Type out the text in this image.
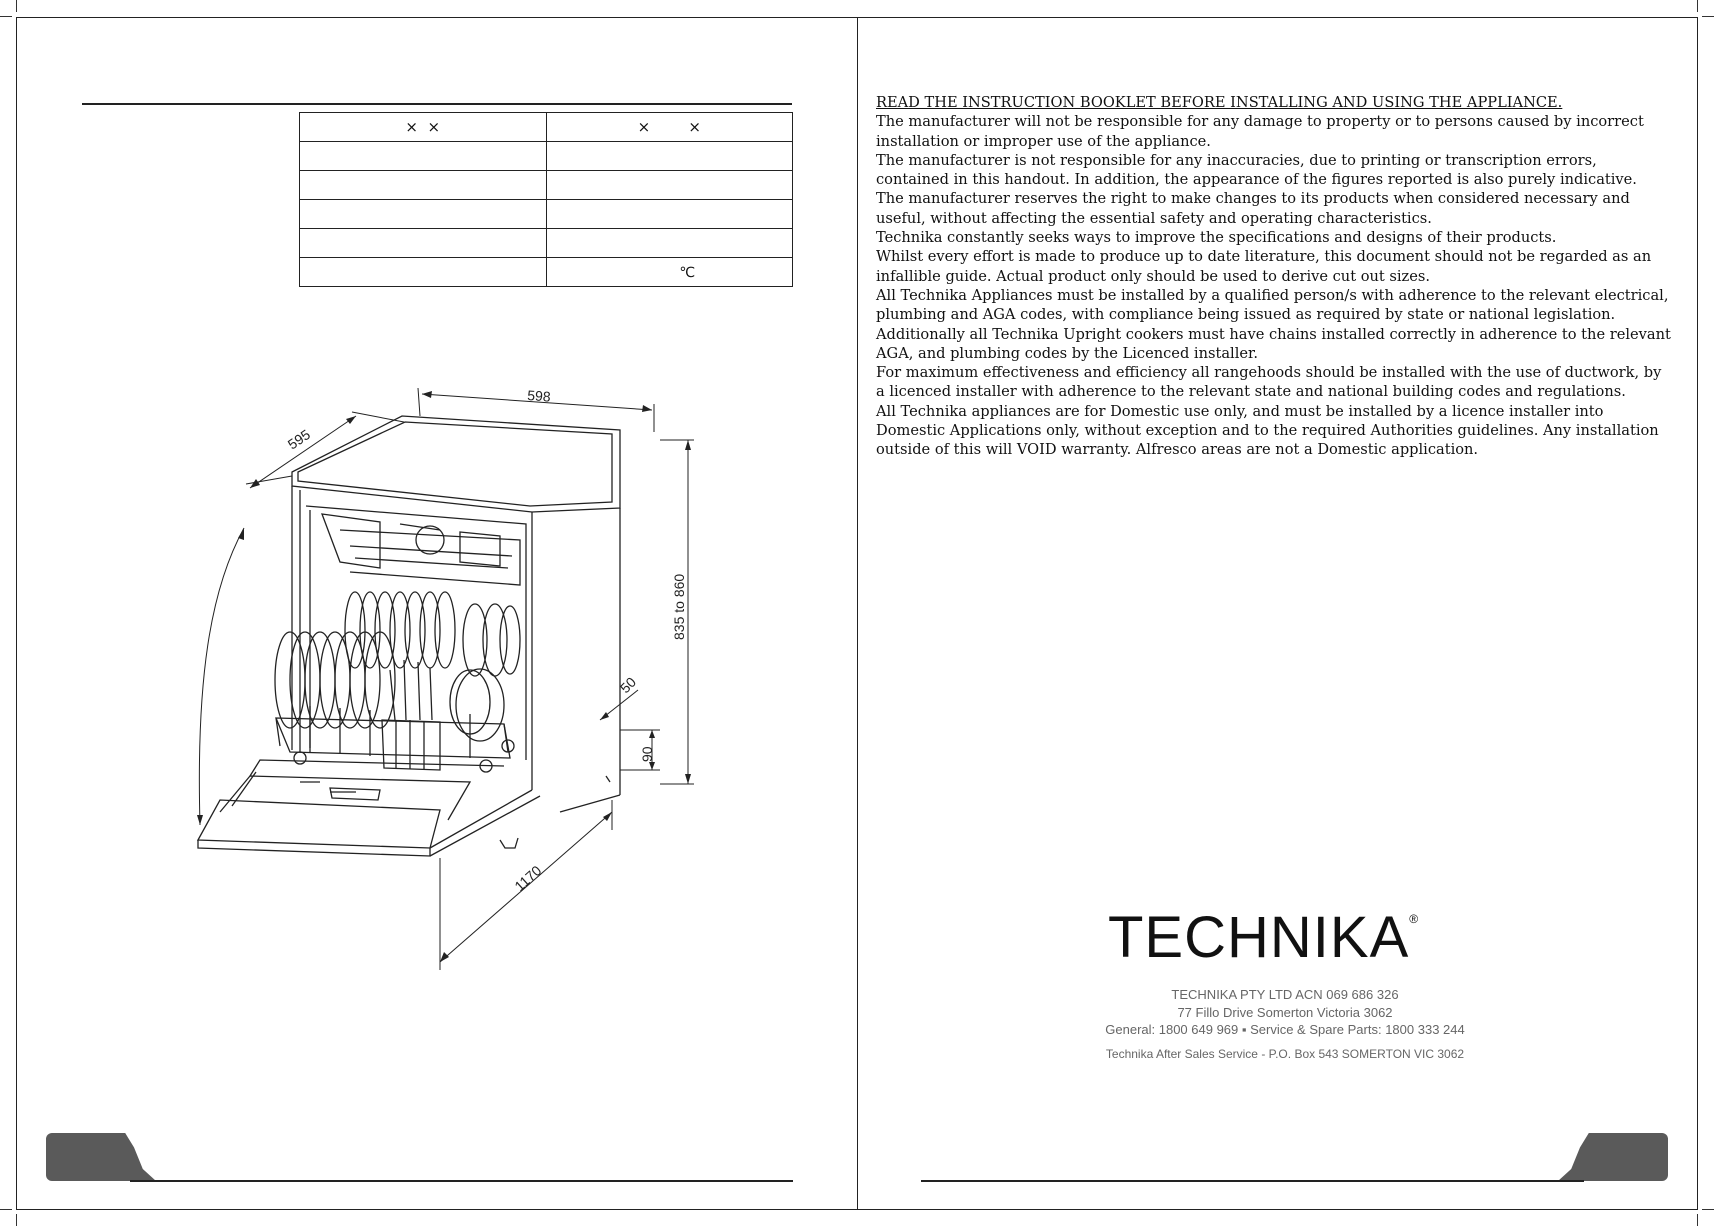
×  ×	×        ×

	℃
598
595
835 to 860
50
90
1170

READ THE INSTRUCTION BOOKLET BEFORE INSTALLING AND USING THE APPLIANCE.

The manufacturer will not be responsible for any damage to property or to persons caused by incorrect installation or improper use of the appliance.

The manufacturer is not responsible for any inaccuracies, due to printing or transcription errors, contained in this handout. In addition, the appearance of the figures reported is also purely indicative.

The manufacturer reserves the right to make changes to its products when considered necessary and useful, without affecting the essential safety and operating characteristics.

Technika constantly seeks ways to improve the specifications and designs of their products.

Whilst every effort is made to produce up to date literature, this document should not be regarded as an infallible guide. Actual product only should be used to derive cut out sizes.

All Technika Appliances must be installed by a qualified person/s with adherence to the relevant electrical, plumbing and AGA codes, with compliance being issued as required by state or national legislation.

Additionally all Technika Upright cookers must have chains installed correctly in adherence to the relevant AGA, and plumbing codes by the Licenced installer.

For maximum effectiveness and efficiency all rangehoods should be installed with the use of ductwork, by a licenced installer with adherence to the relevant state and national building codes and regulations.

All Technika appliances are for Domestic use only, and must be installed by a licence installer into Domestic Applications only, without exception and to the required Authorities guidelines. Any installation outside of this will VOID warranty. Alfresco areas are not a Domestic application.

TECHNIKA®
TECHNIKA PTY LTD ACN 069 686 326
77 Fillo Drive Somerton Victoria 3062
General: 1800 649 969 ▪ Service & Spare Parts: 1800 333 244
Technika After Sales Service - P.O. Box 543 SOMERTON VIC 3062
